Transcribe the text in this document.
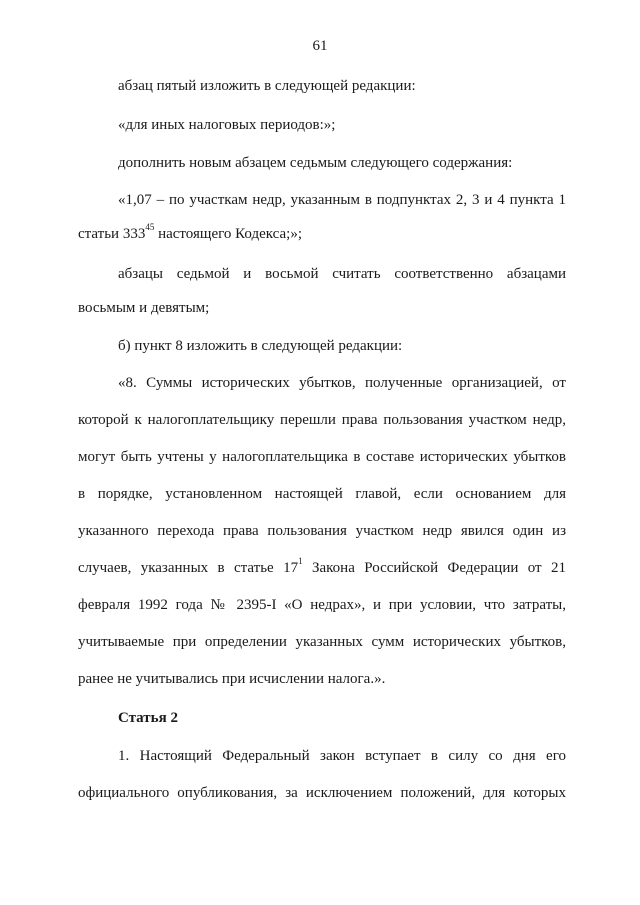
61

абзац пятый изложить в следующей редакции:

«для иных налоговых периодов:»;

дополнить новым абзацем седьмым следующего содержания:

«1,07 – по участкам недр, указанным в подпунктах 2, 3 и 4 пункта 1

статьи $333^{45}$ настоящего Кодекса;»;

абзацы седьмой и восьмой считать соответственно абзацами

восьмым и девятым;

б) пункт 8 изложить в следующей редакции:

«8. Суммы исторических убытков, полученные организацией, от

которой к налогоплательщику перешли права пользования участком недр,

могут быть учтены у налогоплательщика в составе исторических убытков

в порядке, установленном настоящей главой, если основанием для

указанного перехода права пользования участком недр явился один из

случаев, указанных в статье $17^1$ Закона Российской Федерации от 21

февраля 1992 года № 2395-I «О недрах», и при условии, что затраты,

учитываемые при определении указанных сумм исторических убытков,

ранее не учитывались при исчислении налога.».

Статья 2

1. Настоящий Федеральный закон вступает в силу со дня его

официального опубликования, за исключением положений, для которых
